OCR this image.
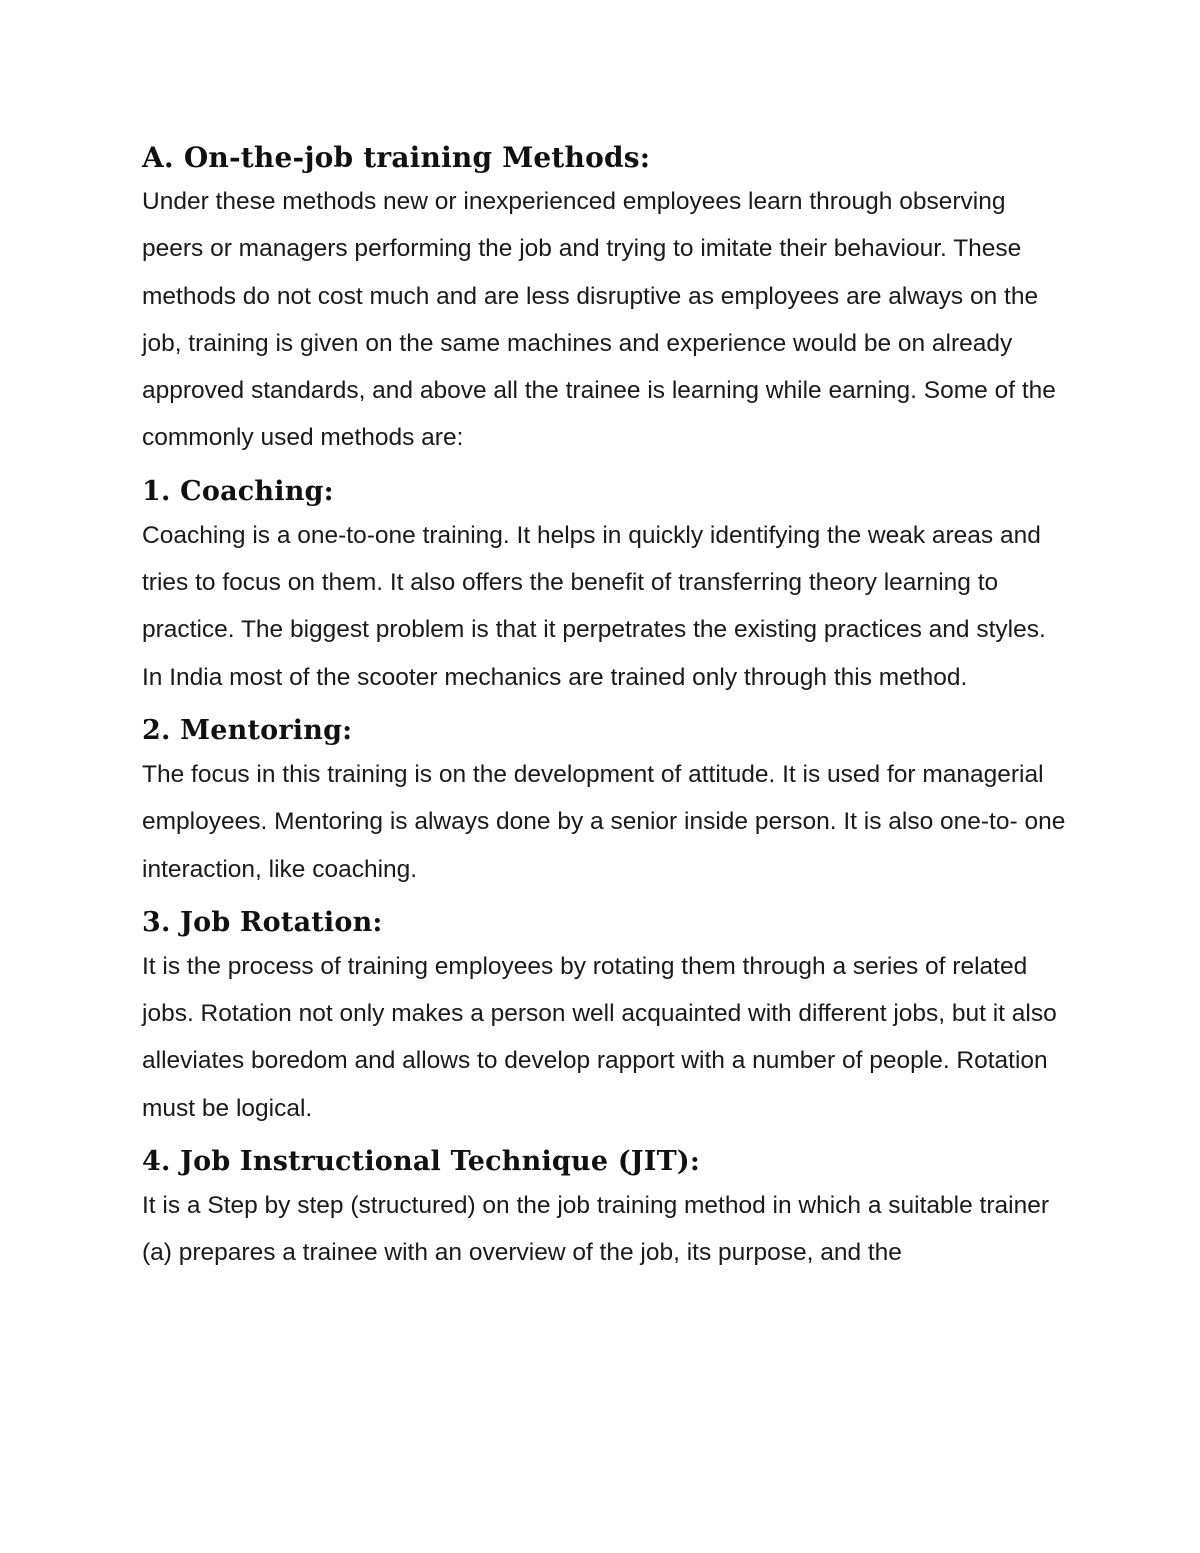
A. On-the-job training Methods:

Under these methods new or inexperienced employees learn through observing peers or managers performing the job and trying to imitate their behaviour. These methods do not cost much and are less disruptive as employees are always on the job, training is given on the same machines and experience would be on already approved standards, and above all the trainee is learning while earning. Some of the commonly used methods are:

1. Coaching:

Coaching is a one-to-one training. It helps in quickly identifying the weak areas and tries to focus on them. It also offers the benefit of transferring theory learning to practice. The biggest problem is that it perpetrates the existing practices and styles. In India most of the scooter mechanics are trained only through this method.

2. Mentoring:

The focus in this training is on the development of attitude. It is used for managerial employees. Mentoring is always done by a senior inside person. It is also one-to- one interaction, like coaching.

3. Job Rotation:

It is the process of training employees by rotating them through a series of related jobs. Rotation not only makes a person well acquainted with different jobs, but it also alleviates boredom and allows to develop rapport with a number of people. Rotation must be logical.

4. Job Instructional Technique (JIT):

It is a Step by step (structured) on the job training method in which a suitable trainer (a) prepares a trainee with an overview of the job, its purpose, and the
